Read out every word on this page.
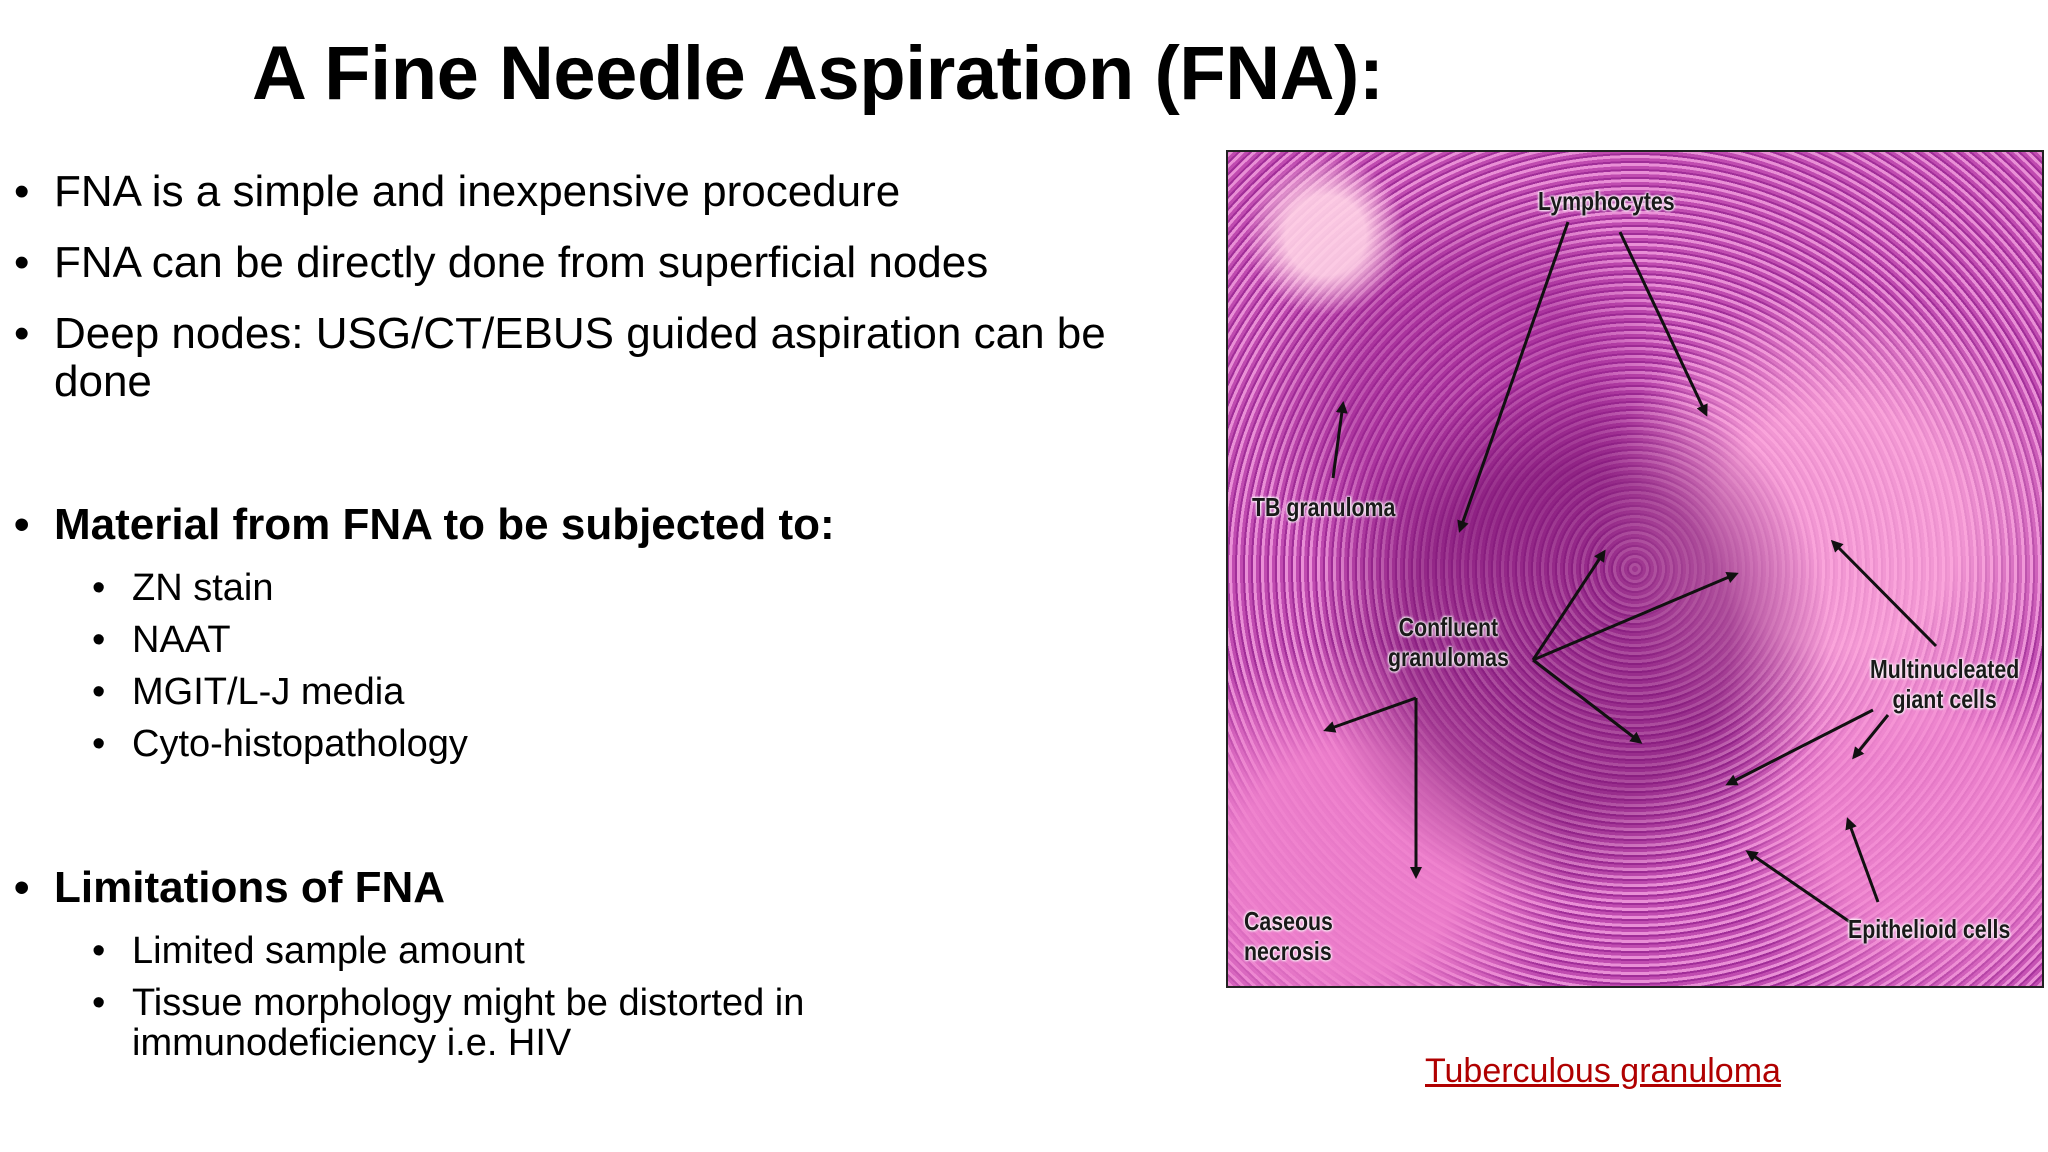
A Fine Needle Aspiration (FNA):
• FNA is a simple and inexpensive procedure
• FNA can be directly done from superficial nodes
• Deep nodes: USG/CT/EBUS guided aspiration can be done
• Material from FNA to be subjected to:
• ZN stain
• NAAT
• MGIT/L-J media
• Cyto-histopathology
• Limitations of FNA
• Limited sample amount
• Tissue morphology might be distorted in immunodeficiency i.e. HIV
Lymphocytes
TB granuloma
Confluent
granulomas	Multinucleated
giant cells
Caseous
necrosis
Epithelioid cells
Tuberculous granuloma
